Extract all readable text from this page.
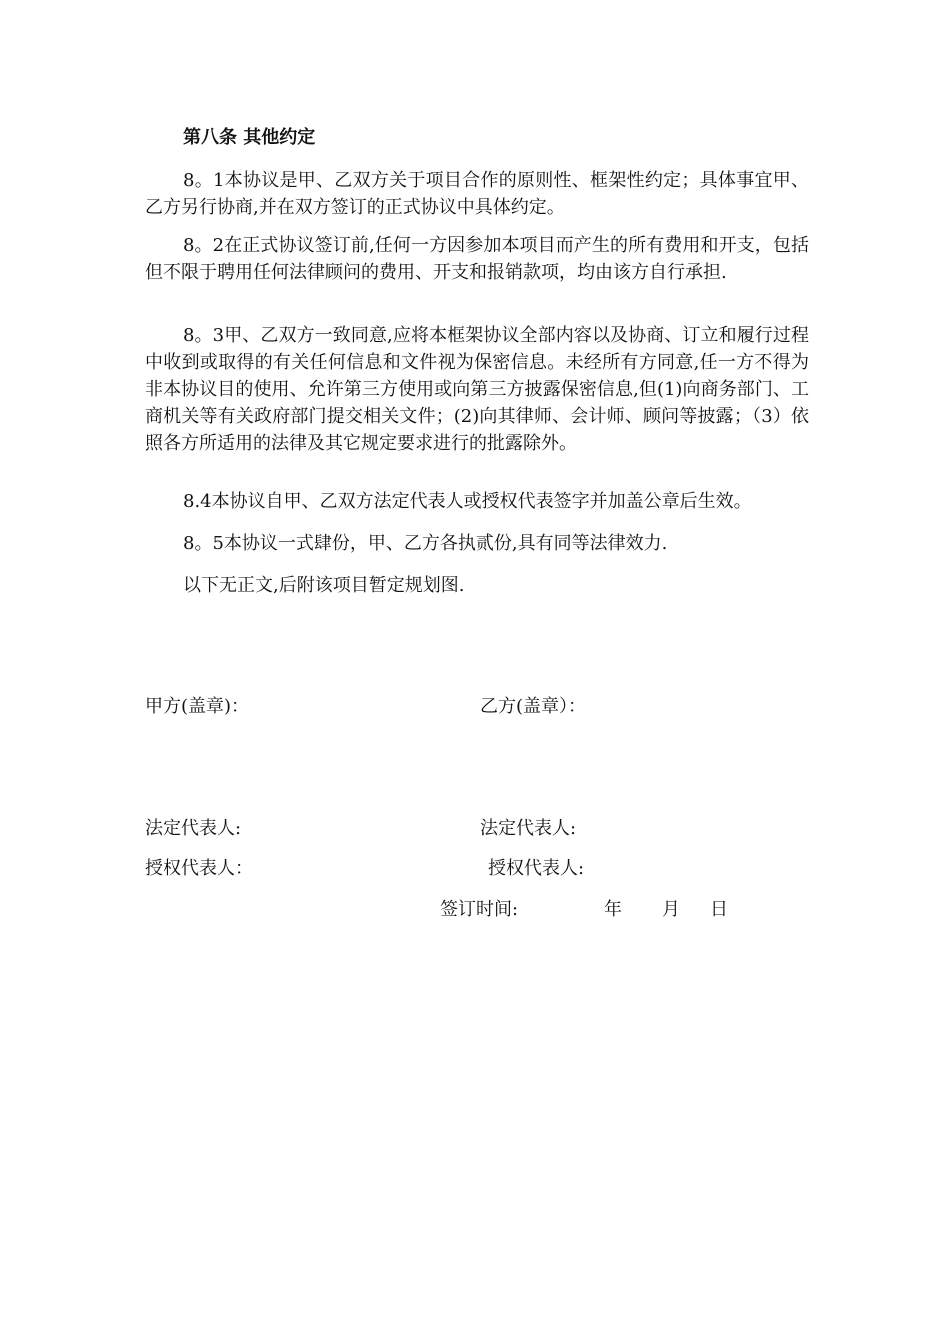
第八条 其他约定
8。1本协议是甲、乙双方关于项目合作的原则性、框架性约定；具体事宜甲、乙方另行协商,并在双方签订的正式协议中具体约定。
8。2在正式协议签订前,任何一方因参加本项目而产生的所有费用和开支，包括但不限于聘用任何法律顾问的费用、开支和报销款项，均由该方自行承担.
8。3甲、乙双方一致同意,应将本框架协议全部内容以及协商、订立和履行过程中收到或取得的有关任何信息和文件视为保密信息。未经所有方同意,任一方不得为非本协议目的使用、允许第三方使用或向第三方披露保密信息,但(1)向商务部门、工商机关等有关政府部门提交相关文件；(2)向其律师、会计师、顾问等披露；（3）依照各方所适用的法律及其它规定要求进行的批露除外。
8.4本协议自甲、乙双方法定代表人或授权代表签字并加盖公章后生效。
8。5本协议一式肆份，甲、乙方各执贰份,具有同等法律效力.
以下无正文,后附该项目暂定规划图.
甲方(盖章)：	乙方(盖章）：
法定代表人:	法定代表人:
授权代表人：	授权代表人:
签订时间:	年 月 日
